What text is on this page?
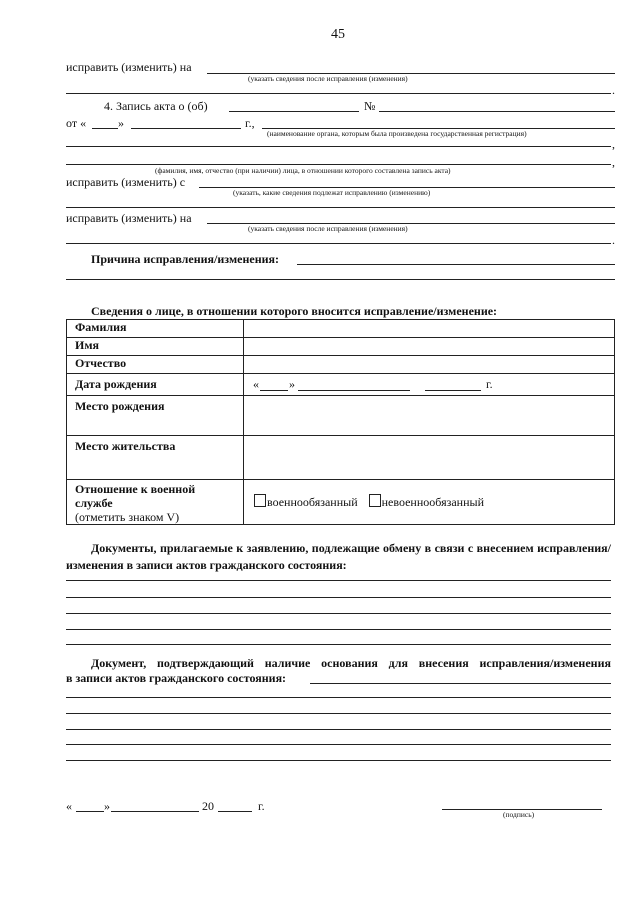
45
исправить (изменить) на
(указать сведения после исправления (изменения)
.
4. Запись акта о (об)	№
от «	»	г.,
(наименование органа, которым была произведена государственная регистрация)
,
,
(фамилия, имя, отчество (при наличии) лица, в отношении которого составлена запись акта)
исправить (изменить) с
(указать, какие сведения подлежат исправлению (изменению)
исправить (изменить) на
(указать сведения после исправления (изменения)
.
Причина исправления/изменения:
Сведения о лице, в отношении которого вносится исправление/изменение:
Фамилия	
Имя	
Отчество	
Дата рождения	« » г.

Место рождения	
Место жительства	

Отношение к военной службе
(отметить знаком V)	военнообязанный невоеннообязанный
Документы, прилагаемые к заявлению, подлежащие обмену в связи с внесением исправления/изменения в записи актов гражданского состояния:
Документ, подтверждающий наличие основания для внесения исправления/изменения
в записи актов гражданского состояния:
«	»	20	г.
(подпись)
